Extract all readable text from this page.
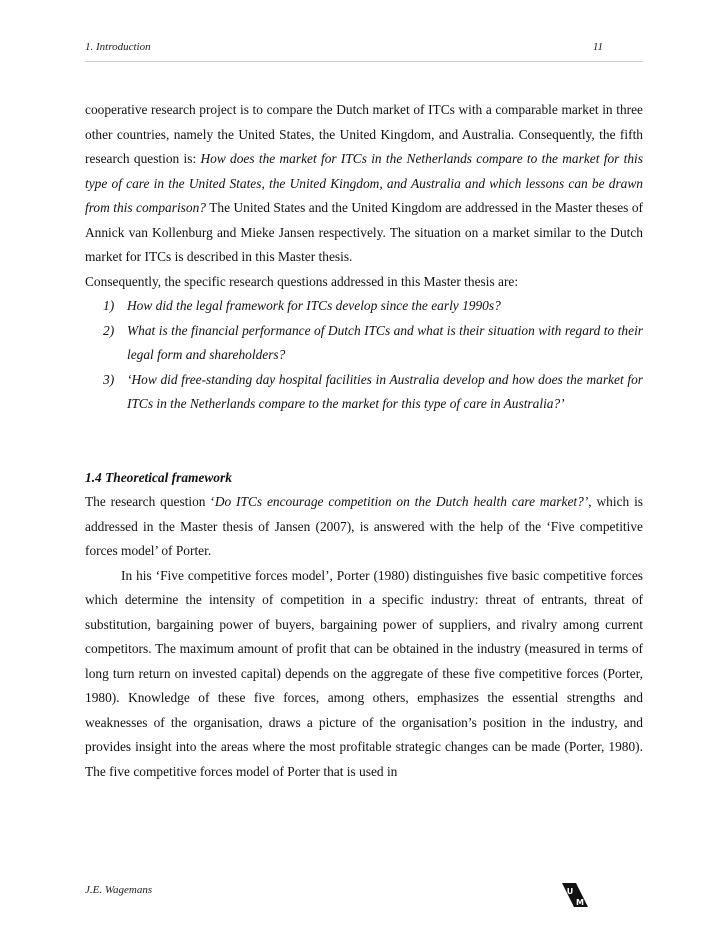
1. Introduction	11

cooperative research project is to compare the Dutch market of ITCs with a comparable market in three other countries, namely the United States, the United Kingdom, and Australia. Consequently, the fifth research question is: How does the market for ITCs in the Netherlands compare to the market for this type of care in the United States, the United Kingdom, and Australia and which lessons can be drawn from this comparison? The United States and the United Kingdom are addressed in the Master theses of Annick van Kollenburg and Mieke Jansen respectively. The situation on a market similar to the Dutch market for ITCs is described in this Master thesis.

Consequently, the specific research questions addressed in this Master thesis are:

1) How did the legal framework for ITCs develop since the early 1990s?
2) What is the financial performance of Dutch ITCs and what is their situation with regard to their legal form and shareholders?
3) ‘How did free-standing day hospital facilities in Australia develop and how does the market for ITCs in the Netherlands compare to the market for this type of care in Australia?’

1.4 Theoretical framework

The research question ‘Do ITCs encourage competition on the Dutch health care market?’, which is addressed in the Master thesis of Jansen (2007), is answered with the help of the ‘Five competitive forces model’ of Porter.

In his ‘Five competitive forces model’, Porter (1980) distinguishes five basic competitive forces which determine the intensity of competition in a specific industry: threat of entrants, threat of substitution, bargaining power of buyers, bargaining power of suppliers, and rivalry among current competitors. The maximum amount of profit that can be obtained in the industry (measured in terms of long turn return on invested capital) depends on the aggregate of these five competitive forces (Porter, 1980). Knowledge of these five forces, among others, emphasizes the essential strengths and weaknesses of the organisation, draws a picture of the organisation’s position in the industry, and provides insight into the areas where the most profitable strategic changes can be made (Porter, 1980). The five competitive forces model of Porter that is used in

J.E. Wagemans	U
M
